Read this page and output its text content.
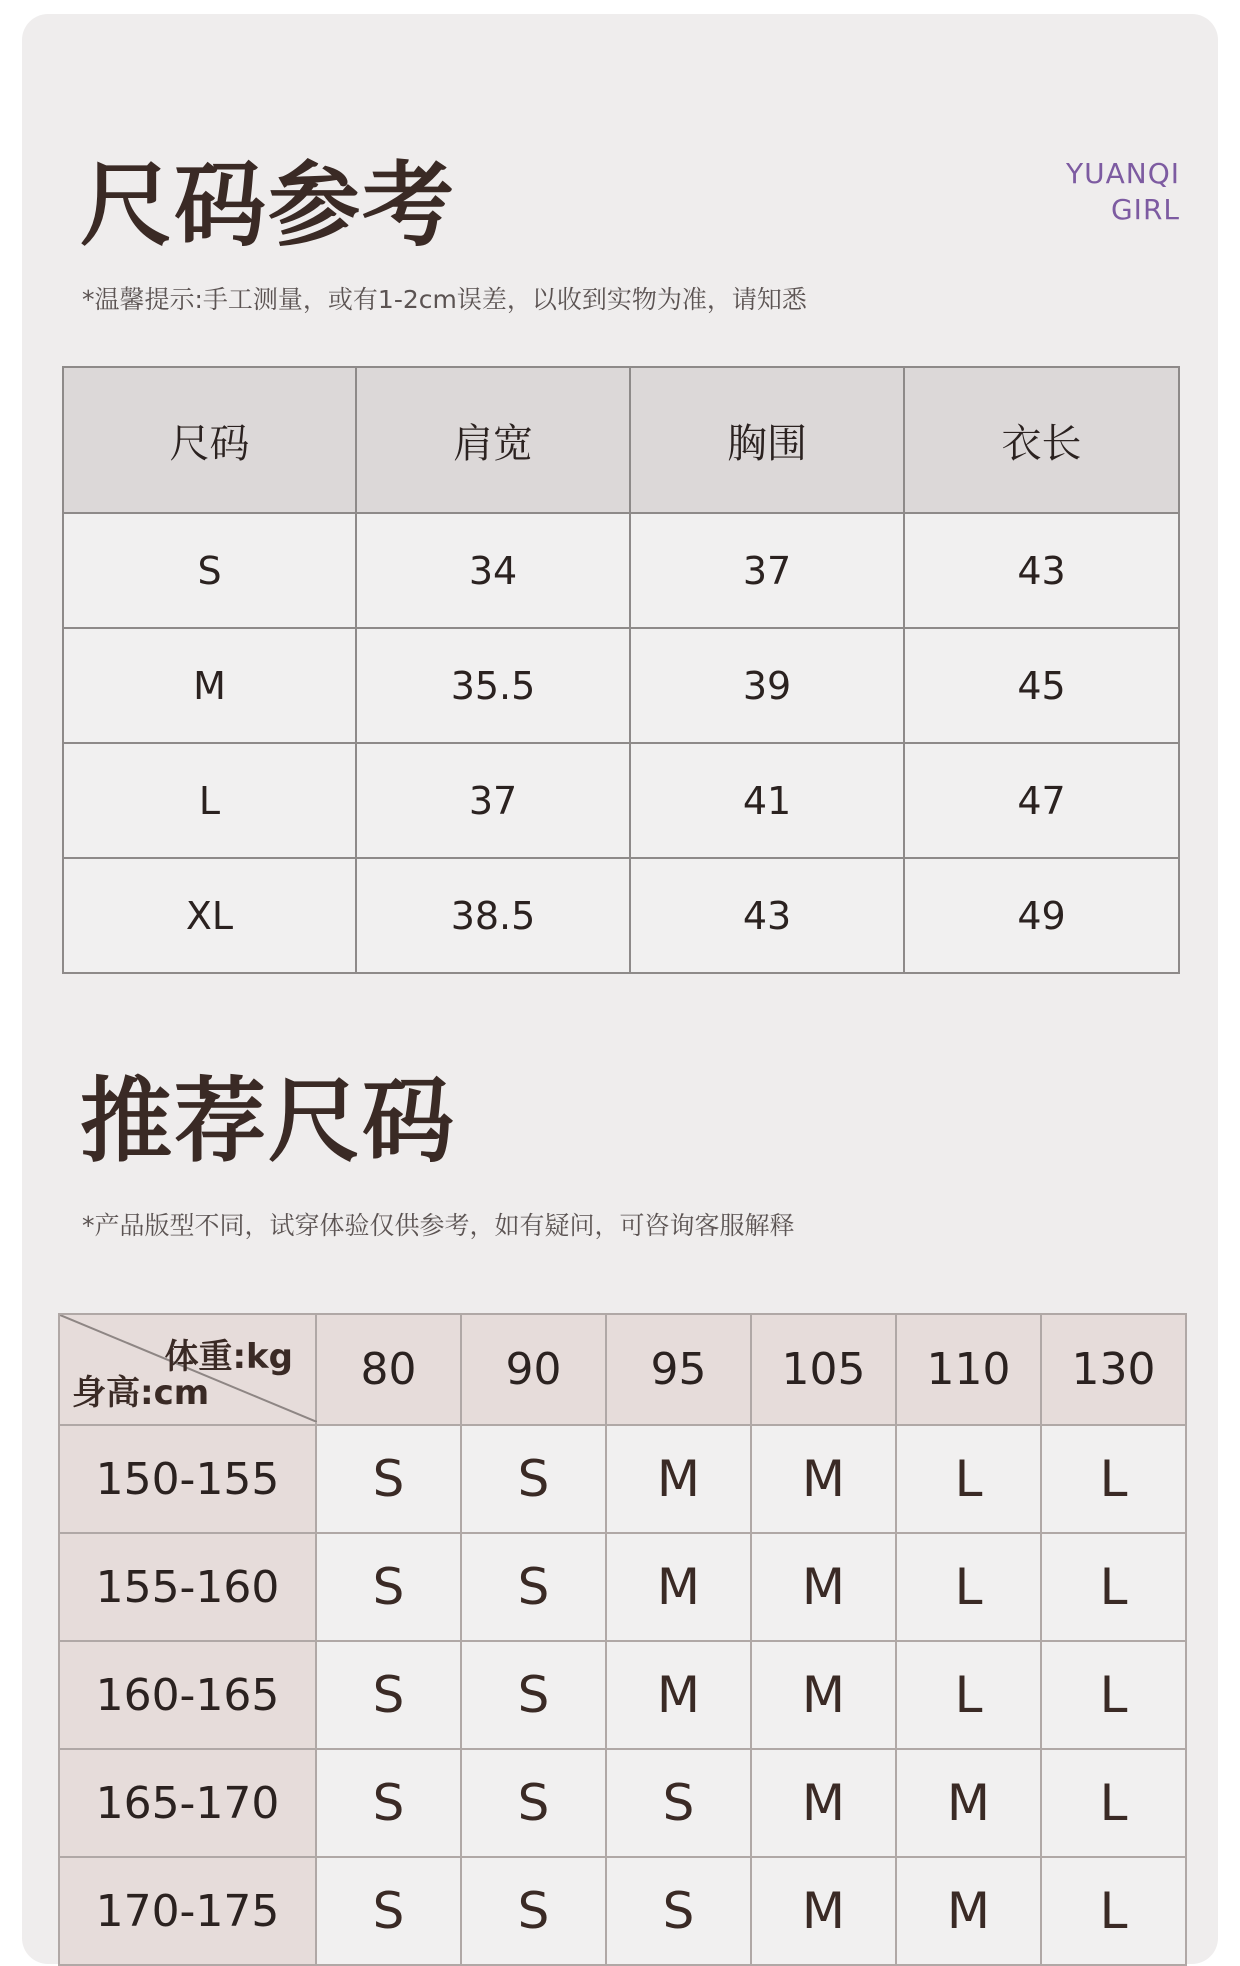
尺码参考	YUANQI
GIRL
*温馨提示:手工测量，或有1-2cm误差，以收到实物为准，请知悉
尺码	肩宽	胸围	衣长
S	34	37	43
M	35.5	39	45
L	37	41	47
XL	38.5	43	49
推荐尺码
*产品版型不同，试穿体验仅供参考，如有疑问，可咨询客服解释
体重:kg
身高:cm	80	90	95	105	110	130
150-155	S	S	M	M	L	L
155-160	S	S	M	M	L	L
160-165	S	S	M	M	L	L
165-170	S	S	S	M	M	L
170-175	S	S	S	M	M	L
